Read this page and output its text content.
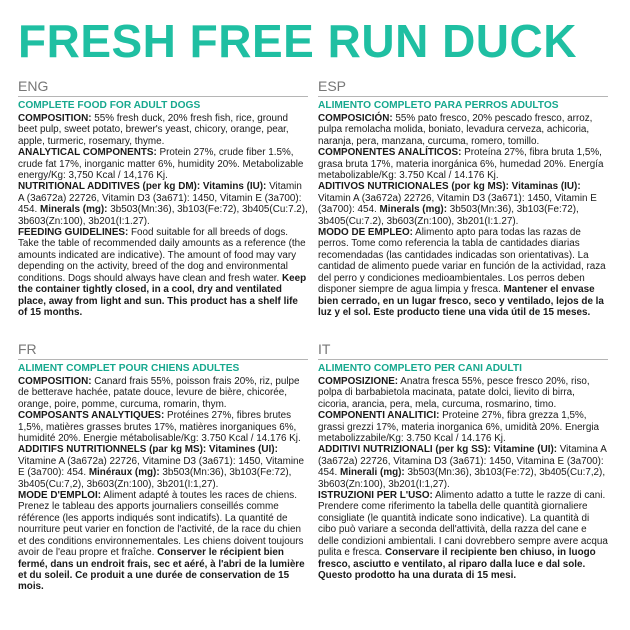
FRESH FREE RUN DUCK
ENG
COMPLETE FOOD FOR ADULT DOGS
COMPOSITION: 55% fresh duck, 20% fresh fish, rice, ground beet pulp, sweet potato, brewer's yeast, chicory, orange, pear, apple, turmeric, rosemary, thyme.
ANALYTICAL COMPONENTS: Protein 27%, crude fiber 1.5%, crude fat 17%, inorganic matter 6%, humidity 20%. Metabolizable energy/Kg: 3,750 Kcal / 14,176 Kj.
NUTRITIONAL ADDITIVES (per kg DM): Vitamins (IU): Vitamin A (3a672a) 22726, Vitamin D3 (3a671): 1450, Vitamin E (3a700): 454. Minerals (mg): 3b503(Mn:36), 3b103(Fe:72), 3b405(Cu:7.2), 3b603(Zn:100), 3b201(I:1.27).
FEEDING GUIDELINES: Food suitable for all breeds of dogs. Take the table of recommended daily amounts as a reference (the amounts indicated are indicative). The amount of food may vary depending on the activity, breed of the dog and environmental conditions. Dogs should always have clean and fresh water. Keep the container tightly closed, in a cool, dry and ventilated place, away from light and sun. This product has a shelf life of 15 months.
ESP
ALIMENTO COMPLETO PARA PERROS ADULTOS
COMPOSICIÓN: 55% pato fresco, 20% pescado fresco, arroz, pulpa remolacha molida, boniato, levadura cerveza, achicoria, naranja, pera, manzana, curcuma, romero, tomillo.
COMPONENTES ANALÍTICOS: Proteína 27%, fibra bruta 1,5%, grasa bruta 17%, materia inorgánica 6%, humedad 20%. Energía metabolizable/Kg: 3.750 Kcal / 14.176 Kj.
ADITIVOS NUTRICIONALES (por kg MS): Vitaminas (IU): Vitamin A (3a672a) 22726, Vitamin D3 (3a671): 1450, Vitamin E (3a700): 454. Minerals (mg): 3b503(Mn:36), 3b103(Fe:72), 3b405(Cu:7.2), 3b603(Zn:100), 3b201(I:1.27).
MODO DE EMPLEO: Alimento apto para todas las razas de perros. Tome como referencia la tabla de cantidades diarias recomendadas (las cantidades indicadas son orientativas). La cantidad de alimento puede variar en función de la actividad, raza del perro y condiciones medioambientales. Los perros deben disponer siempre de agua limpia y fresca. Mantener el envase bien cerrado, en un lugar fresco, seco y ventilado, lejos de la luz y el sol. Este producto tiene una vida útil de 15 meses.
FR
ALIMENT COMPLET POUR CHIENS ADULTES
COMPOSITION: Canard frais 55%, poisson frais 20%, riz, pulpe de betterave hachée, patate douce, levure de bière, chicorée, orange, poire, pomme, curcuma, romarin, thym.
COMPOSANTS ANALYTIQUES: Protéines 27%, fibres brutes 1,5%, matières grasses brutes 17%, matières inorganiques 6%, humidité 20%. Energie métabolisable/Kg: 3.750 Kcal / 14.176 Kj.
ADDITIFS NUTRITIONNELS (par kg MS): Vitamines (UI): Vitamine A (3a672a) 22726, Vitamine D3 (3a671): 1450, Vitamine E (3a700): 454. Minéraux (mg): 3b503(Mn:36), 3b103(Fe:72), 3b405(Cu:7,2), 3b603(Zn:100), 3b201(I:1,27).
MODE D'EMPLOI: Aliment adapté à toutes les races de chiens. Prenez le tableau des apports journaliers conseillés comme référence (les apports indiqués sont indicatifs). La quantité de nourriture peut varier en fonction de l'activité, de la race du chien et des conditions environnementales. Les chiens doivent toujours avoir de l'eau propre et fraîche. Conserver le récipient bien fermé, dans un endroit frais, sec et aéré, à l'abri de la lumière et du soleil. Ce produit a une durée de conservation de 15 mois.
IT
ALIMENTO COMPLETO PER CANI ADULTI
COMPOSIZIONE: Anatra fresca 55%, pesce fresco 20%, riso, polpa di barbabietola macinata, patate dolci, lievito di birra, cicoria, arancia, pera, mela, curcuma, rosmarino, timo.
COMPONENTI ANALITICI: Proteine 27%, fibra grezza 1,5%, grassi grezzi 17%, materia inorganica 6%, umidità 20%. Energia metabolizzabile/Kg: 3.750 Kcal / 14.176 Kj.
ADDITIVI NUTRIZIONALI (per kg SS): Vitamine (UI): Vitamina A (3a672a) 22726, Vitamina D3 (3a671): 1450, Vitamina E (3a700): 454. Minerali (mg): 3b503(Mn:36), 3b103(Fe:72), 3b405(Cu:7,2), 3b603(Zn:100), 3b201(I:1,27).
ISTRUZIONI PER L'USO: Alimento adatto a tutte le razze di cani. Prendere come riferimento la tabella delle quantità giornaliere consigliate (le quantità indicate sono indicative). La quantità di cibo può variare a seconda dell'attività, della razza del cane e delle condizioni ambientali. I cani dovrebbero sempre avere acqua pulita e fresca. Conservare il recipiente ben chiuso, in luogo fresco, asciutto e ventilato, al riparo dalla luce e dal sole. Questo prodotto ha una durata di 15 mesi.
